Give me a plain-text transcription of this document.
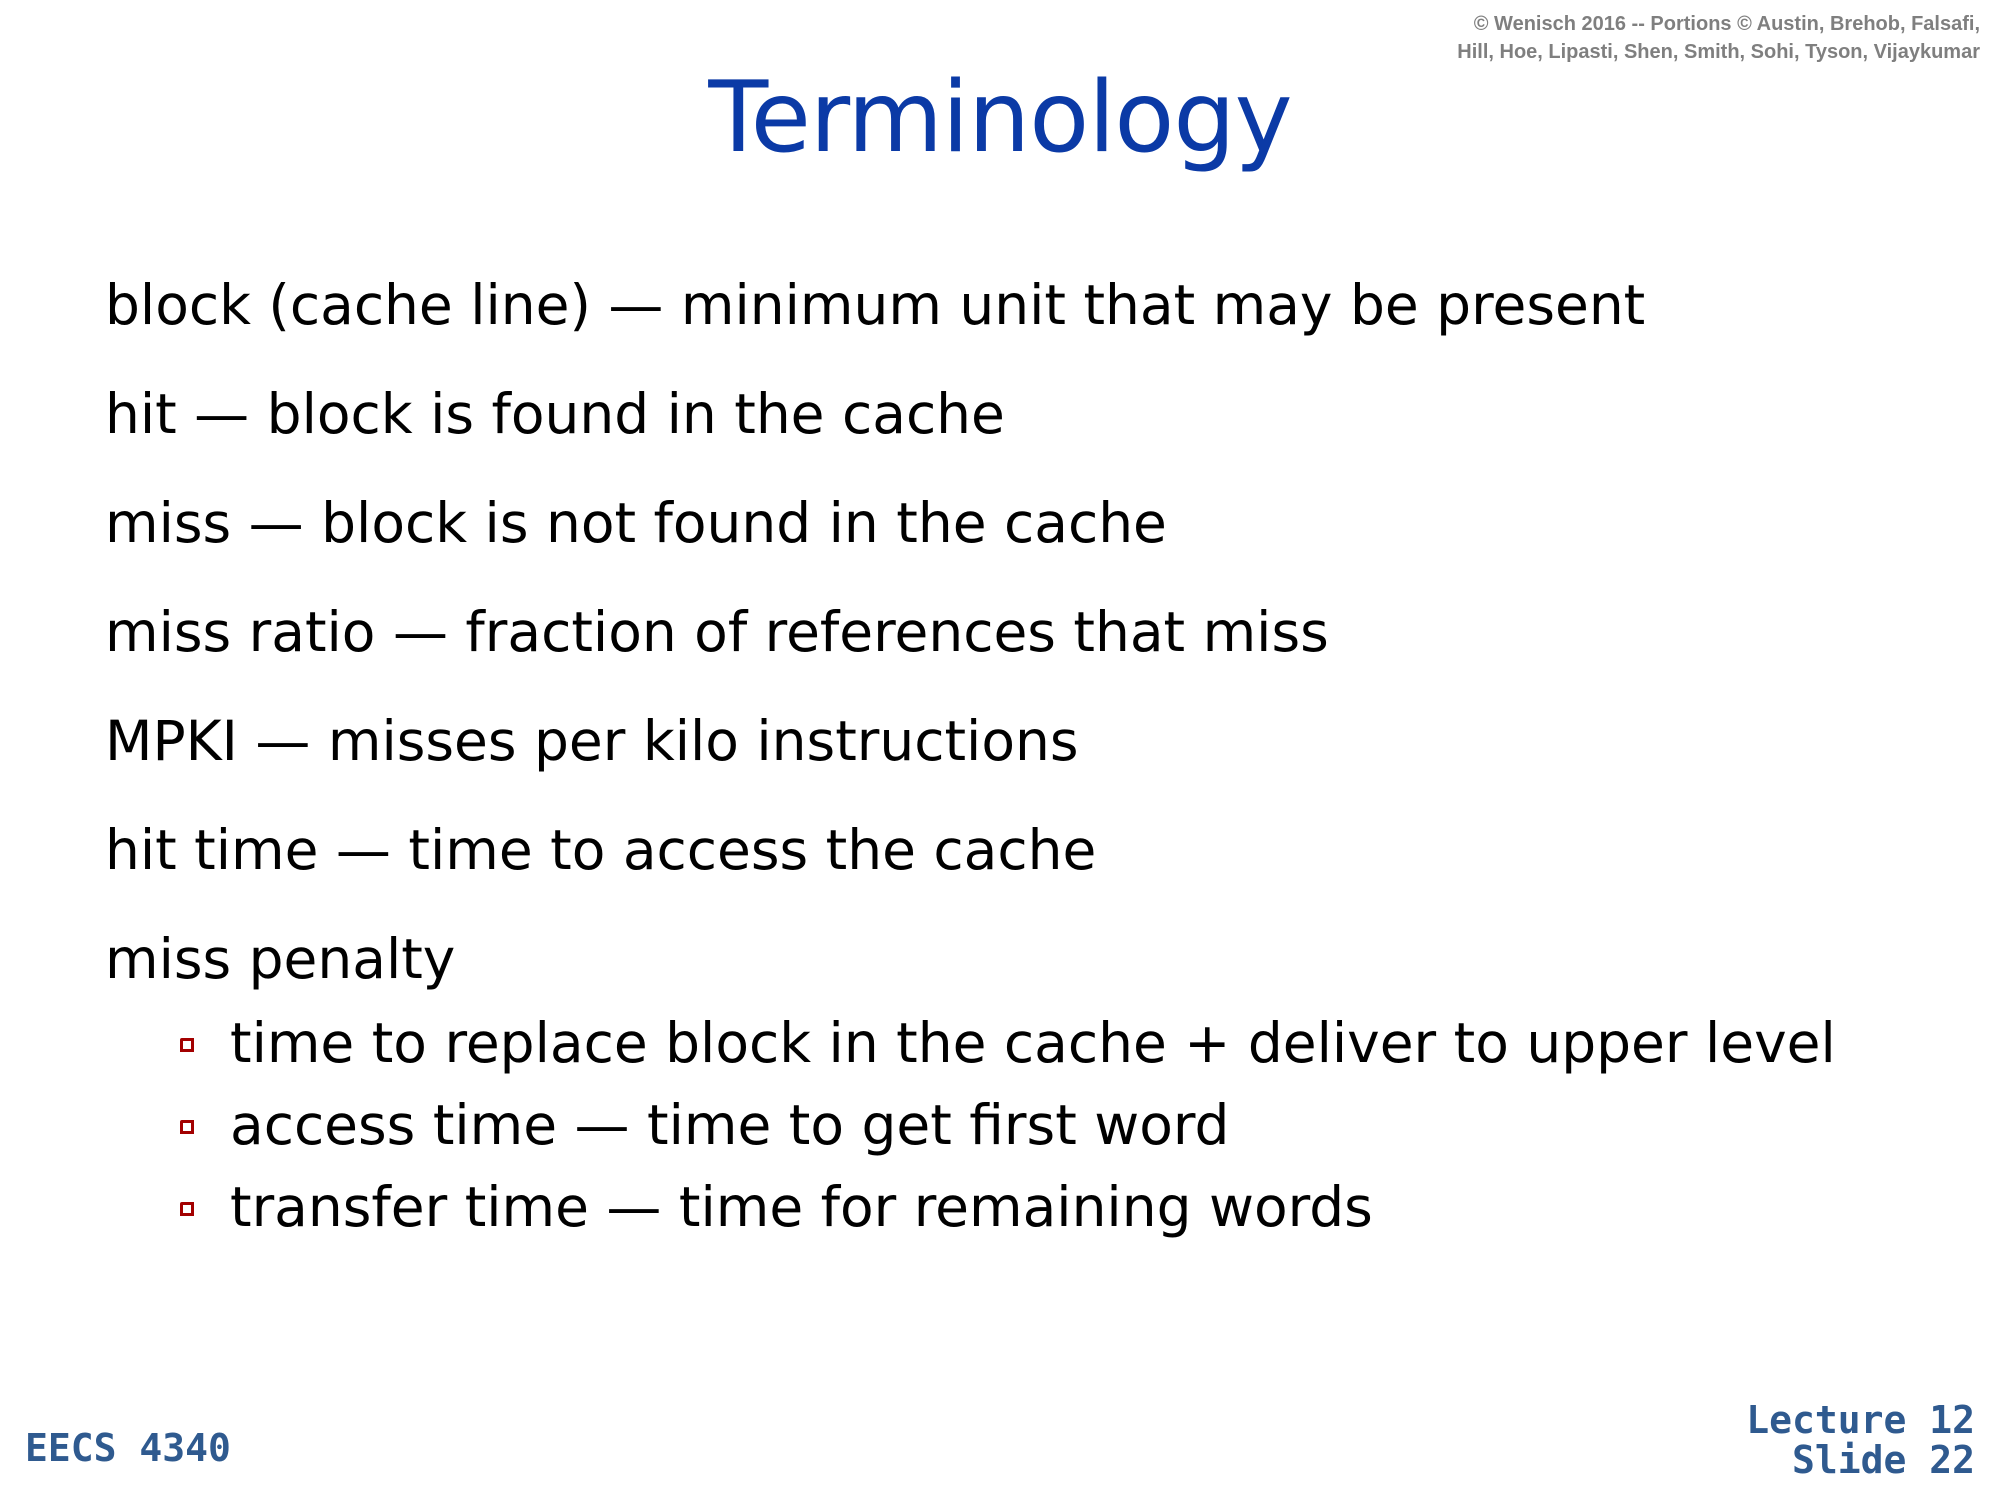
© Wenisch 2016 -- Portions © Austin, Brehob, Falsafi,
Hill, Hoe, Lipasti, Shen, Smith, Sohi, Tyson, Vijaykumar
Terminology
block (cache line) — minimum unit that may be present
hit — block is found in the cache
miss — block is not found in the cache
miss ratio — fraction of references that miss
MPKI — misses per kilo instructions
hit time — time to access the cache
miss penalty
time to replace block in the cache + deliver to upper level
access time — time to get first word
transfer time — time for remaining words
EECS 4340
Lecture 12
Slide 22
